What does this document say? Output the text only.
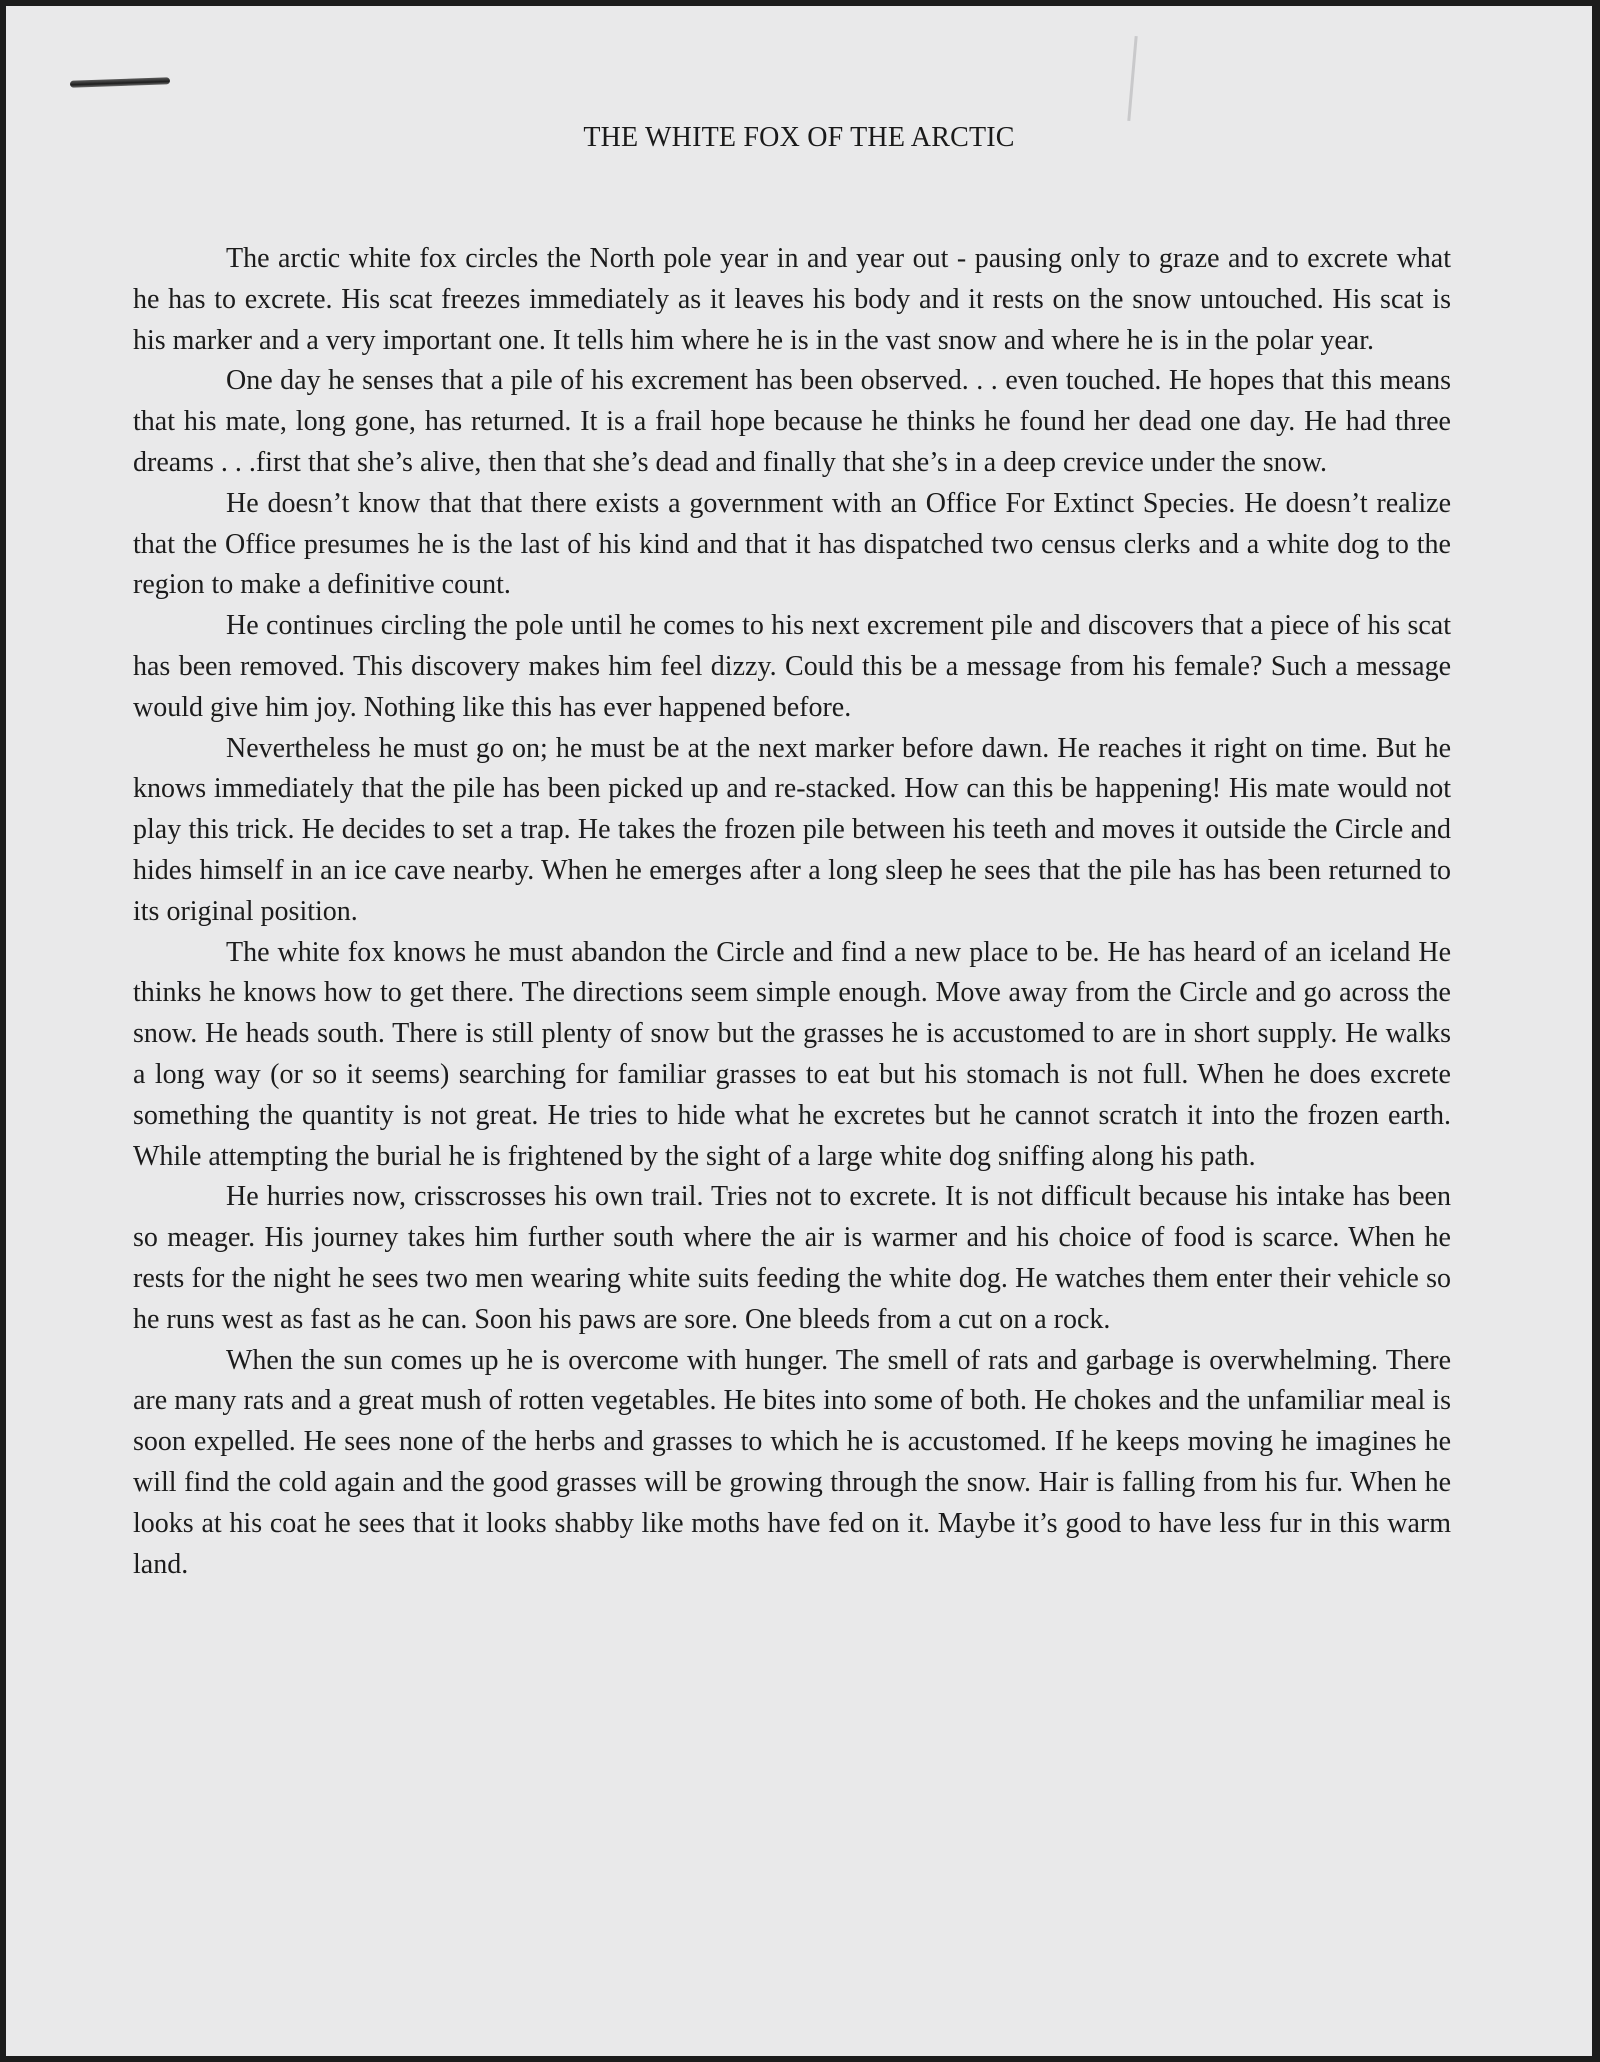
THE WHITE FOX OF THE ARCTIC

The arctic white fox circles the North pole year in and year out - pausing only to graze and to excrete what he has to excrete. His scat freezes immediately as it leaves his body and it rests on the snow untouched. His scat is his marker and a very important one. It tells him where he is in the vast snow and where he is in the polar year.

One day he senses that a pile of his excrement has been observed. . . even touched. He hopes that this means that his mate, long gone, has returned. It is a frail hope because he thinks he found her dead one day. He had three dreams . . .first that she’s alive, then that she’s dead and finally that she’s in a deep crevice under the snow.

He doesn’t know that that there exists a government with an Office For Extinct Species. He doesn’t realize that the Office presumes he is the last of his kind and that it has dispatched two census clerks and a white dog to the region to make a definitive count.

He continues circling the pole until he comes to his next excrement pile and discovers that a piece of his scat has been removed. This discovery makes him feel dizzy. Could this be a message from his female? Such a message would give him joy. Nothing like this has ever happened before.

Nevertheless he must go on; he must be at the next marker before dawn. He reaches it right on time. But he knows immediately that the pile has been picked up and re-stacked. How can this be happening! His mate would not play this trick. He decides to set a trap. He takes the frozen pile between his teeth and moves it outside the Circle and hides himself in an ice cave nearby. When he emerges after a long sleep he sees that the pile has has been returned to its original position.

The white fox knows he must abandon the Circle and find a new place to be. He has heard of an iceland He thinks he knows how to get there. The directions seem simple enough. Move away from the Circle and go across the snow. He heads south. There is still plenty of snow but the grasses he is accustomed to are in short supply. He walks a long way (or so it seems) searching for familiar grasses to eat but his stomach is not full. When he does excrete something the quantity is not great. He tries to hide what he excretes but he cannot scratch it into the frozen earth. While attempting the burial he is frightened by the sight of a large white dog sniffing along his path.

He hurries now, crisscrosses his own trail. Tries not to excrete. It is not difficult because his intake has been so meager. His journey takes him further south where the air is warmer and his choice of food is scarce. When he rests for the night he sees two men wearing white suits feeding the white dog. He watches them enter their vehicle so he runs west as fast as he can. Soon his paws are sore. One bleeds from a cut on a rock.

When the sun comes up he is overcome with hunger. The smell of rats and garbage is overwhelming. There are many rats and a great mush of rotten vegetables. He bites into some of both. He chokes and the unfamiliar meal is soon expelled. He sees none of the herbs and grasses to which he is accustomed. If he keeps moving he imagines he will find the cold again and the good grasses will be growing through the snow. Hair is falling from his fur. When he looks at his coat he sees that it looks shabby like moths have fed on it. Maybe it’s good to have less fur in this warm land.
